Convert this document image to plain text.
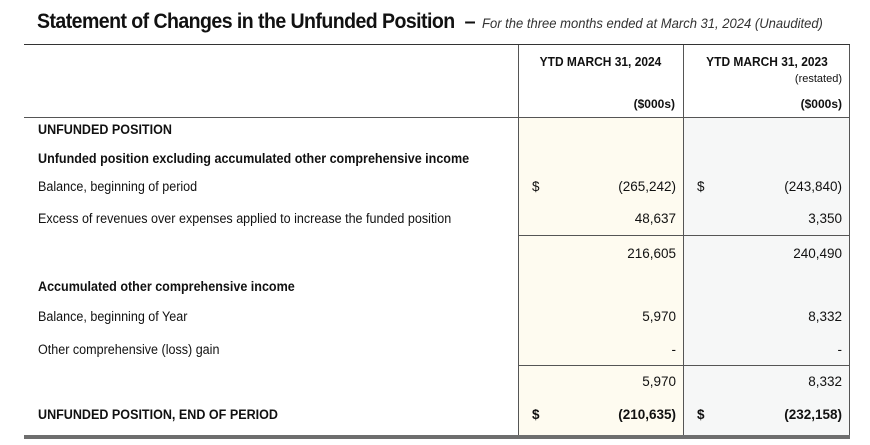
Statement of Changes in the Unfunded Position – For the three months ended at March 31, 2024 (Unaudited)
YTD MARCH 31, 2024
($000s)
YTD MARCH 31, 2023
(restated)
($000s)
UNFUNDED POSITION
Unfunded position excluding accumulated other comprehensive income
Balance, beginning of period
Excess of revenues over expenses applied to increase the funded position
Accumulated other comprehensive income
Balance, beginning of Year
Other comprehensive (loss) gain
UNFUNDED POSITION, END OF PERIOD
$	$
$	$
(265,242)
48,637
216,605
5,970
-
5,970
(210,635)
(243,840)
3,350
240,490
8,332
-
8,332
(232,158)
